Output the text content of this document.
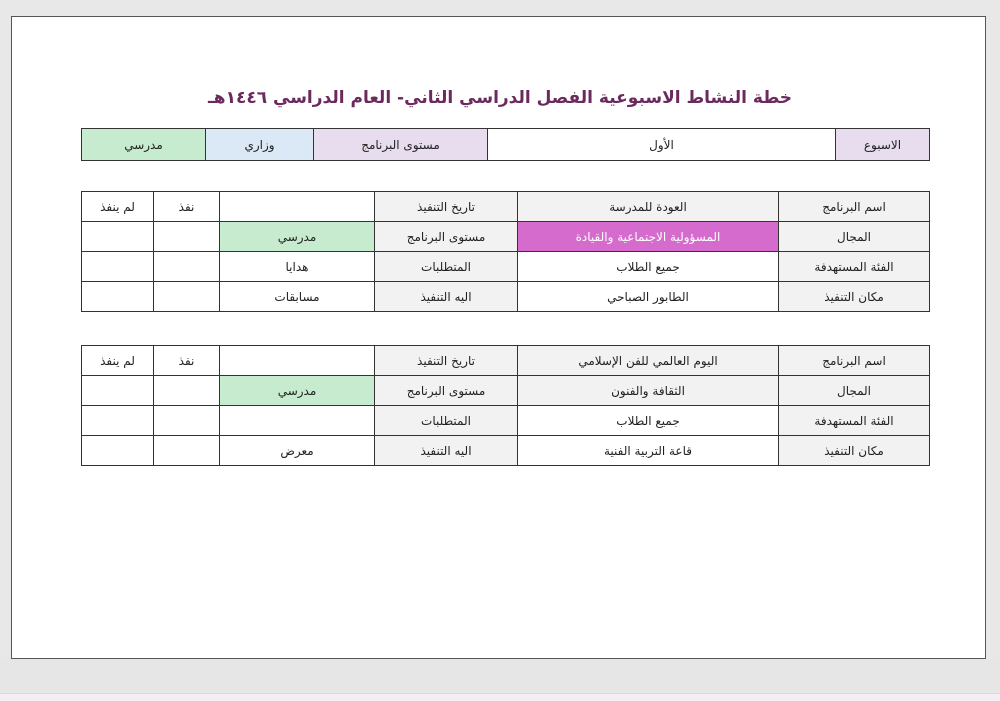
خطة النشاط الاسبوعية الفصل الدراسي الثاني- العام الدراسي ١٤٤٦هـ
الاسبوع	الأول	مستوى البرنامج	وزاري	مدرسي
اسم البرنامج	العودة للمدرسة	تاريخ التنفيذ		نفذ	لم ينفذ
المجال	المسؤولية الاجتماعية والقيادة	مستوى البرنامج	مدرسي		
الفئة المستهدفة	جميع الطلاب	المتطلبات	هدايا		
مكان التنفيذ	الطابور الصباحي	اليه التنفيذ	مسابقات		
اسم البرنامج	اليوم العالمي للفن الإسلامي	تاريخ التنفيذ		نفذ	لم ينفذ
المجال	الثقافة والفنون	مستوى البرنامج	مدرسي		
الفئة المستهدفة	جميع الطلاب	المتطلبات			
مكان التنفيذ	قاعة التربية الفنية	اليه التنفيذ	معرض		
